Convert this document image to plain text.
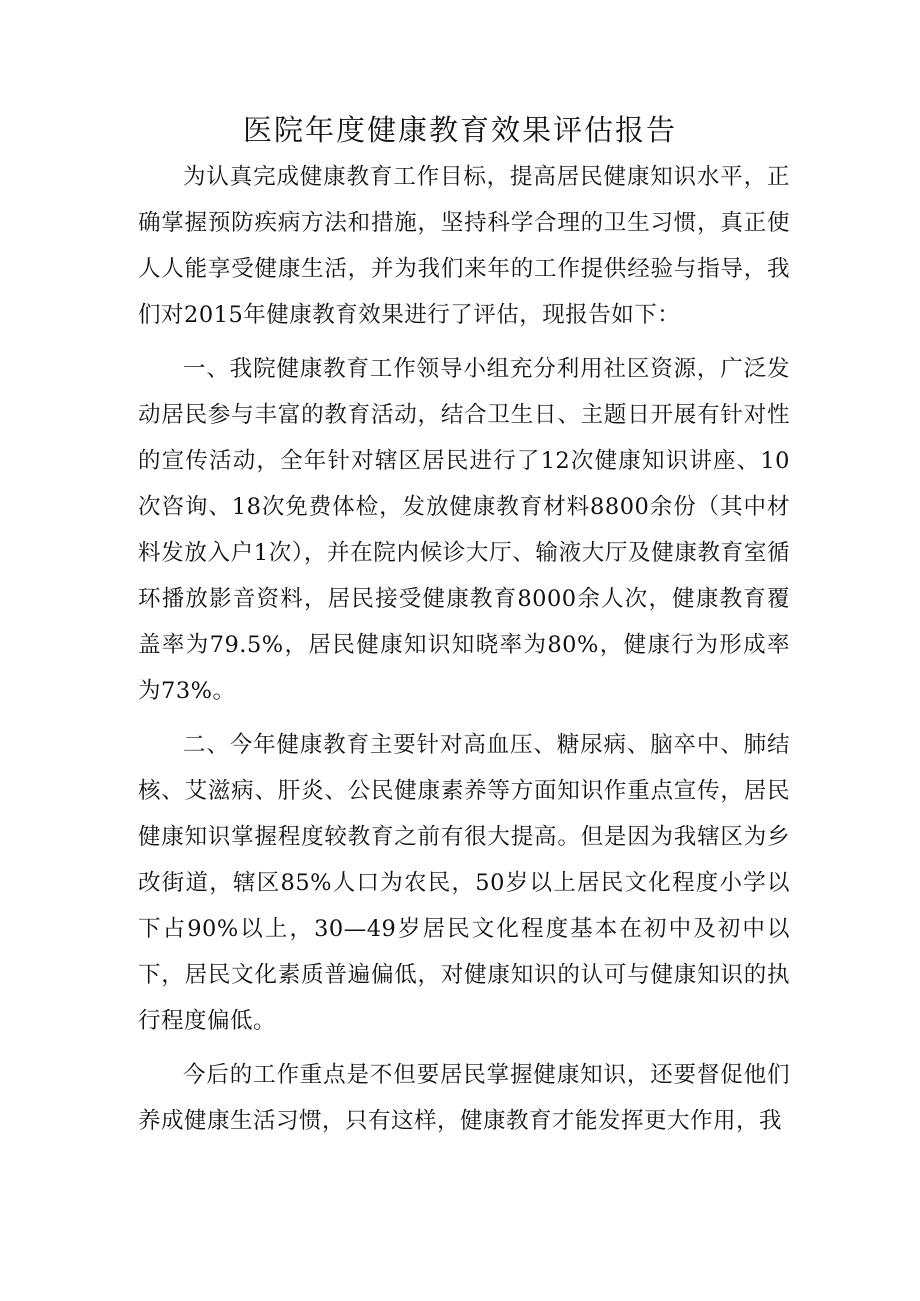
医院年度健康教育效果评估报告

为认真完成健康教育工作目标，提高居民健康知识水平，正确掌握预防疾病方法和措施，坚持科学合理的卫生习惯，真正使人人能享受健康生活，并为我们来年的工作提供经验与指导，我们对2015年健康教育效果进行了评估，现报告如下：

一、我院健康教育工作领导小组充分利用社区资源，广泛发动居民参与丰富的教育活动，结合卫生日、主题日开展有针对性的宣传活动，全年针对辖区居民进行了12次健康知识讲座、10次咨询、18次免费体检，发放健康教育材料8800余份（其中材料发放入户1次），并在院内候诊大厅、输液大厅及健康教育室循环播放影音资料，居民接受健康教育8000余人次，健康教育覆盖率为79.5%，居民健康知识知晓率为80%，健康行为形成率为73%。

二、今年健康教育主要针对高血压、糖尿病、脑卒中、肺结核、艾滋病、肝炎、公民健康素养等方面知识作重点宣传，居民健康知识掌握程度较教育之前有很大提高。但是因为我辖区为乡改街道，辖区85%人口为农民，50岁以上居民文化程度小学以下占90%以上，30—49岁居民文化程度基本在初中及初中以下，居民文化素质普遍偏低，对健康知识的认可与健康知识的执行程度偏低。

今后的工作重点是不但要居民掌握健康知识，还要督促他们养成健康生活习惯，只有这样，健康教育才能发挥更大作用，我
